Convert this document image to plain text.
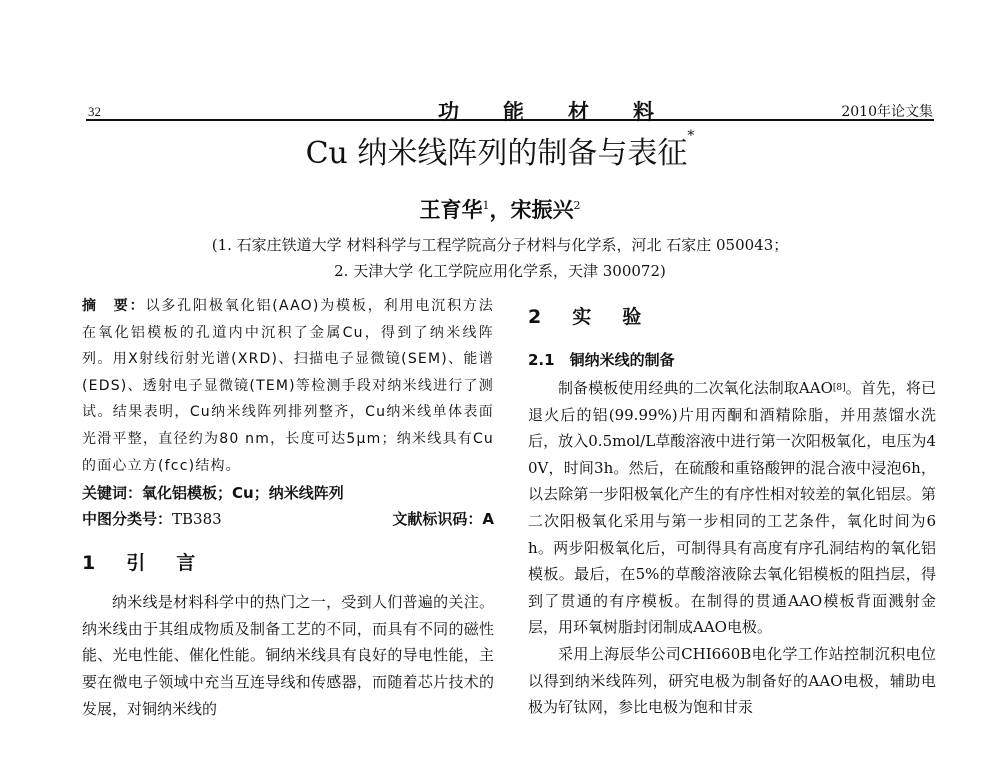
32	功能材料	2010年论文集
Cu 纳米线阵列的制备与表征*
王育华$^1$，宋振兴$^2$
(1. 石家庄铁道大学 材料科学与工程学院高分子材料与化学系，河北 石家庄 050043；
2. 天津大学 化工学院应用化学系，天津 300072)

摘　要：以多孔阳极氧化铝(AAO)为模板，利用电沉积方法在氧化铝模板的孔道内中沉积了金属Cu，得到了纳米线阵列。用X射线衍射光谱(XRD)、扫描电子显微镜(SEM)、能谱(EDS)、透射电子显微镜(TEM)等检测手段对纳米线进行了测试。结果表明，Cu纳米线阵列排列整齐，Cu纳米线单体表面光滑平整，直径约为80 nm，长度可达5μm；纳米线具有Cu的面心立方(fcc)结构。

关键词：氧化铝模板；Cu；纳米线阵列
中图分类号：TB383	文献标识码：A
1　引　言

纳米线是材料科学中的热门之一，受到人们普遍的关注。纳米线由于其组成物质及制备工艺的不同，而具有不同的磁性能、光电性能、催化性能。铜纳米线具有良好的导电性能，主要在微电子领域中充当互连导线和传感器，而随着芯片技术的发展，对铜纳米线的

2　实　验
2.1　铜纳米线的制备

制备模板使用经典的二次氧化法制取AAO[8]。首先，将已退火后的铝(99.99%)片用丙酮和酒精除脂，并用蒸馏水洗后，放入0.5mol/L草酸溶液中进行第一次阳极氧化，电压为40V，时间3h。然后，在硫酸和重铬酸钾的混合液中浸泡6h，以去除第一步阳极氧化产生的有序性相对较差的氧化铝层。第二次阳极氧化采用与第一步相同的工艺条件，氧化时间为6h。两步阳极氧化后，可制得具有高度有序孔洞结构的氧化铝模板。最后，在5%的草酸溶液除去氧化铝模板的阻挡层，得到了贯通的有序模板。在制得的贯通AAO模板背面溅射金层，用环氧树脂封闭制成AAO电极。

采用上海辰华公司CHI660B电化学工作站控制沉积电位以得到纳米线阵列，研究电极为制备好的AAO电极，辅助电极为钌钛网，参比电极为饱和甘汞
